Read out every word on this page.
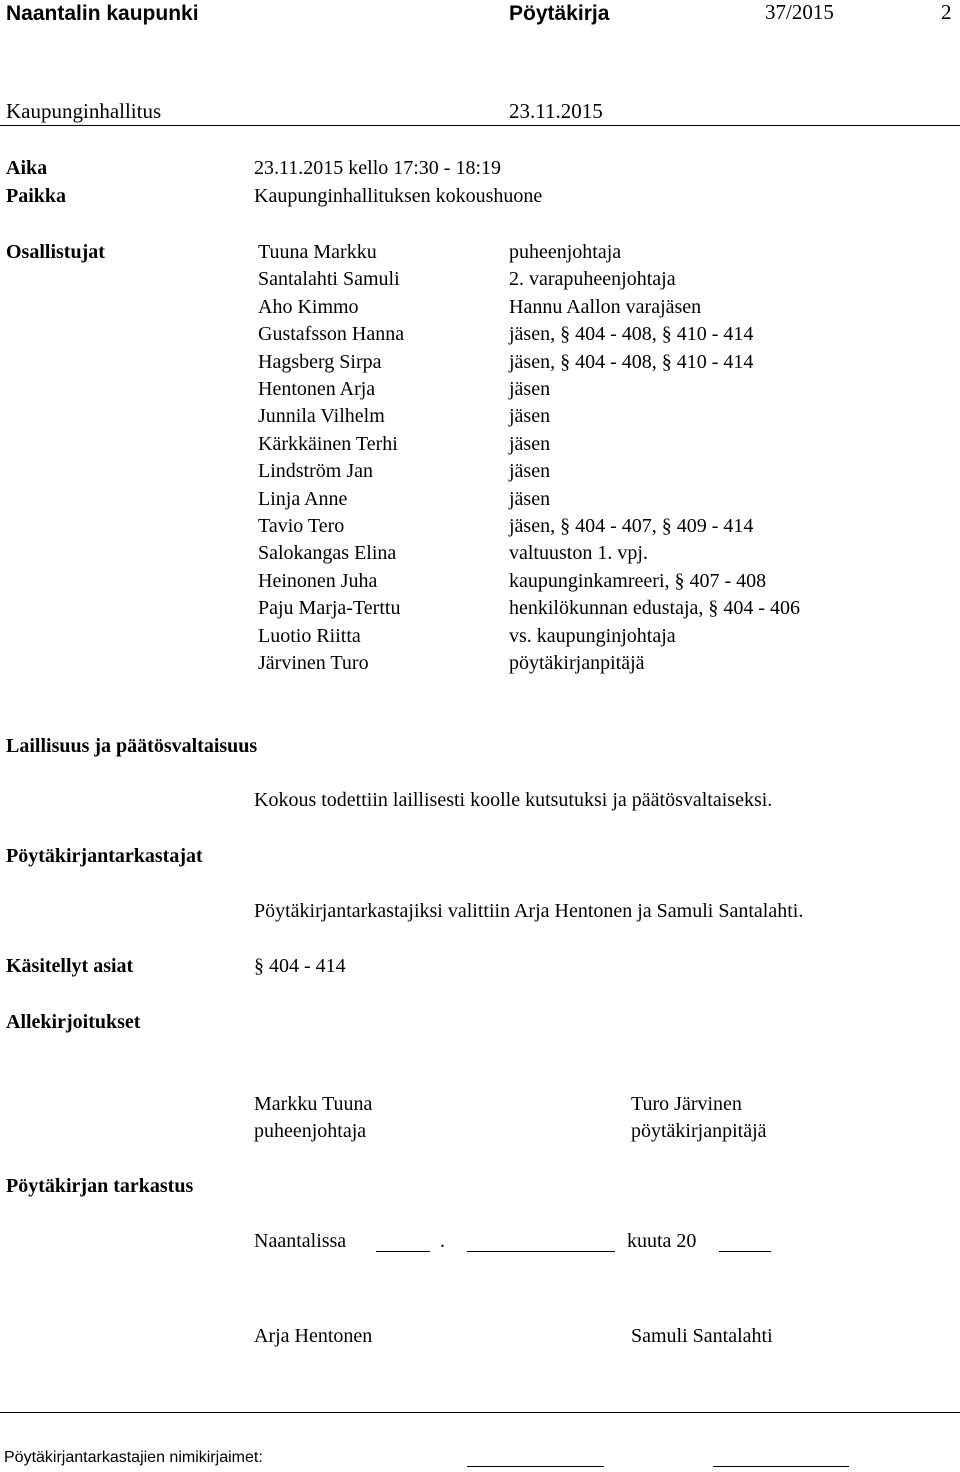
Naantalin kaupunki	Pöytäkirja	37/2015	2
Kaupunginhallitus	23.11.2015
Aika	23.11.2015 kello 17:30 - 18:19
Paikka	Kaupunginhallituksen kokoushuone
Osallistujat	Tuuna Markku	puheenjohtaja
Santalahti Samuli	2. varapuheenjohtaja
Aho Kimmo	Hannu Aallon varajäsen
Gustafsson Hanna	jäsen, § 404 - 408, § 410 - 414
Hagsberg Sirpa	jäsen, § 404 - 408, § 410 - 414
Hentonen Arja	jäsen
Junnila Vilhelm	jäsen
Kärkkäinen Terhi	jäsen
Lindström Jan	jäsen
Linja Anne	jäsen
Tavio Tero	jäsen, § 404 - 407, § 409 - 414
Salokangas Elina	valtuuston 1. vpj.
Heinonen Juha	kaupunginkamreeri, § 407 - 408
Paju Marja-Terttu	henkilökunnan edustaja, § 404 - 406
Luotio Riitta	vs. kaupunginjohtaja
Järvinen Turo	pöytäkirjanpitäjä
Laillisuus ja päätösvaltaisuus
Kokous todettiin laillisesti koolle kutsutuksi ja päätösvaltaiseksi.
Pöytäkirjantarkastajat
Pöytäkirjantarkastajiksi valittiin Arja Hentonen ja Samuli Santalahti.
Käsitellyt asiat	§ 404 - 414
Allekirjoitukset
Markku Tuuna
puheenjohtaja
Turo Järvinen
pöytäkirjanpitäjä
Pöytäkirjan tarkastus
Naantalissa	.	kuuta 20
Arja Hentonen	Samuli Santalahti
Pöytäkirjantarkastajien nimikirjaimet:
